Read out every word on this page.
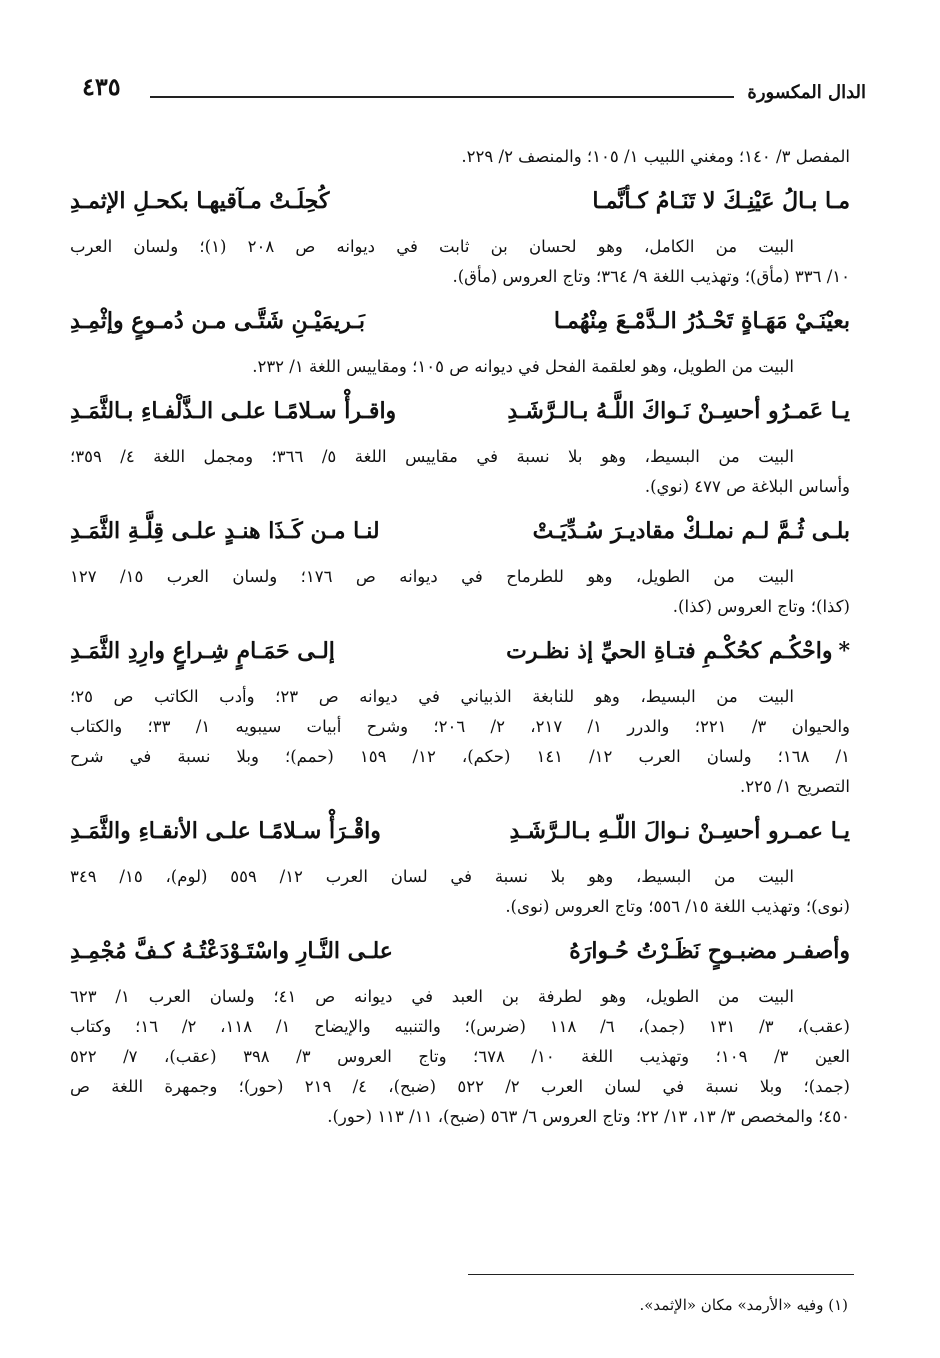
٤٣٥	الدال المكسورة
المفصل ٣/ ١٤٠؛ ومغني اللبيب ١/ ١٠٥؛ والمنصف ٢/ ٢٢٩.
مـا بـالُ عَيْنِـكَ لا تَنَـامُ كـأنَّمـا
كُحِلَـتْ مـآقيهـا بكحـلِ الإثمـدِ
البيت من الكامل، وهو لحسان بن ثابت في ديوانه ص ٢٠٨ (١)؛ ولسان العرب
١٠/ ٣٣٦ (مأق)؛ وتهذيب اللغة ٩/ ٣٦٤؛ وتاج العروس (مأق).
بعيْنَـيْ مَهَـاةٍ تَحْـدُرُ الـدَّمْـعَ مِنْهُمـا
بَـريمَيْـنِ شَتَّـى مـن دُمـوعٍ وإثْمِـدِ
البيت من الطويل، وهو لعلقمة الفحل في ديوانه ص ١٠٥؛ ومقاييس اللغة ١/ ٢٣٢.
يـا عَمـرُو أحسِـنْ نَـواكَ اللَّـهُ بـالـرَّشَـدِ
واقـرأْ سـلامًـا علـى الـذَّلْفـاءِ بـالثَّمَـدِ
البيت من البسيط، وهو بلا نسبة في مقاييس اللغة ٥/ ٣٦٦؛ ومجمل اللغة ٤/ ٣٥٩؛
وأساس البلاغة ص ٤٧٧ (نوي).
بلـى ثُـمَّ لـم نملـكْ مقاديـرَ سُـدِّيَـتْ
لنـا مـن كَـذَا هنـدٍ علـى قِلَّـةِ الثَّمَـدِ
البيت من الطويل، وهو للطرماح في ديوانه ص ١٧٦؛ ولسان العرب ١٥/ ١٢٧
(كذا)؛ وتاج العروس (كذا).
*واحْكُـم كحُكْـمِ فتـاةِ الحيِّ إذ نظـرت
إلـى حَمَـامٍ شِـراعٍ وارِدِ الثَّمَـدِ
البيت من البسيط، وهو للنابغة الذبياني في ديوانه ص ٢٣؛ وأدب الكاتب ص ٢٥؛
والحيوان ٣/ ٢٢١؛ والدرر ١/ ٢١٧، ٢/ ٢٠٦؛ وشرح أبيات سيبويه ١/ ٣٣؛ والكتاب
١/ ١٦٨؛ ولسان العرب ١٢/ ١٤١ (حكم)، ١٢/ ١٥٩ (حمم)؛ وبلا نسبة في شرح
التصريح ١/ ٢٢٥.
يـا عمـرو أحسِـنْ نـوالَ اللّـهِ بـالـرَّشَـدِ
واقْـرَأْ سـلامًـا علـى الأنقـاءِ والثَّمَـدِ
البيت من البسيط، وهو بلا نسبة في لسان العرب ١٢/ ٥٥٩ (لوم)، ١٥/ ٣٤٩
(نوى)؛ وتهذيب اللغة ١٥/ ٥٥٦؛ وتاج العروس (نوى).
وأصفـر مضبـوحٍ نَظَـرْتُ حُـوارَهُ
علـى النَّـارِ واسْتَـوْدَعْتُـهُ كـفَّ مُجْمِـدِ
البيت من الطويل، وهو لطرفة بن العبد في ديوانه ص ٤١؛ ولسان العرب ١/ ٦٢٣
(عقب)، ٣/ ١٣١ (جمد)، ٦/ ١١٨ (ضرس)؛ والتنبيه والإيضاح ١/ ١١٨، ٢/ ١٦؛ وكتاب
العين ٣/ ١٠٩؛ وتهذيب اللغة ١٠/ ٦٧٨؛ وتاج العروس ٣/ ٣٩٨ (عقب)، ٧/ ٥٢٢
(جمد)؛ وبلا نسبة في لسان العرب ٢/ ٥٢٢ (ضبح)، ٤/ ٢١٩ (حور)؛ وجمهرة اللغة ص
٤٥٠؛ والمخصص ٣/ ١٣، ١٣/ ٢٢؛ وتاج العروس ٦/ ٥٦٣ (ضبح)، ١١/ ١١٣ (حور).
(١) وفيه «الأرمد» مكان «الإثمد».
